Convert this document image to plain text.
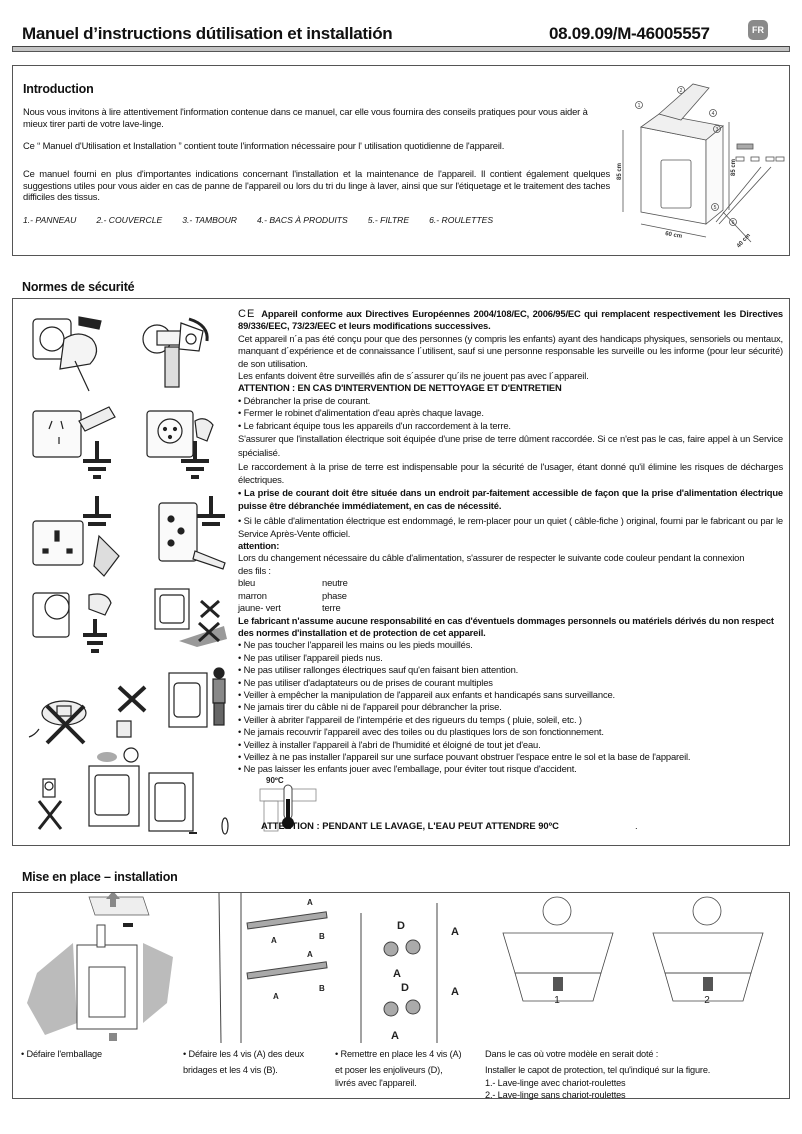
Manuel d’instructions dútilisation et installatión	08.09.09/M-46005557	FR
Introduction
Nous vous invitons à lire attentivement l'information contenue dans ce manuel, car elle vous fournira des conseils pratiques pour vous aider à mieux tirer parti de votre lave-linge.
Ce “ Manuel d'Utilisation et Installation ” contient toute l'information nécessaire pour l' utilisation quotidienne de l'appareil.
Ce manuel fourni en plus d'importantes indications concernant l'installation et la maintenance de l'appareil. Il contient également quelques suggestions utiles pour vous aider en cas de panne de l'appareil ou lors du tri du linge à laver, ainsi que sur l'étiquetage et le traitement des taches difficiles des tissus.
1.- PANNEAU 2.- COUVERCLE 3.- TAMBOUR 4.- BACS À PRODUITS 5.- FILTRE 6.- ROULETTES
1
2
3
4
5
6
85 cm	85 cm
60 cm	40 cm
Normes de sécurité
CE Appareil conforme aux Directives Européennes 2004/108/EC, 2006/95/EC qui remplacent respectivement les Directives 89/336/EEC, 73/23/EEC et leurs modifications successives.
Cet appareil n´a pas été conçu pour que des personnes (y compris les enfants) ayant des handicaps physiques, sensoriels ou mentaux, manquant d´expérience et de connaissance l´utilisent, sauf si une personne responsable les surveille ou les informe (pour leur sécurité) de son utilisation.
Les enfants doivent être surveillés afin de s´assurer qu´ils ne jouent pas avec l´appareil.
ATTENTION : EN CAS D'INTERVENTION DE NETTOYAGE ET D'ENTRETIEN
• Débrancher la prise de courant.
• Fermer le robinet d'alimentation d'eau après chaque lavage.
• Le fabricant équipe tous les appareils d'un raccordement à la terre.
S'assurer que l'installation électrique soit équipée d'une prise de terre dûment raccordée. Si ce n'est pas le cas, faire appel à un Service spécialisé.
Le raccordement à la prise de terre est indispensable pour la sécurité de l'usager, étant donné qu'il élimine les risques de décharges électriques.
• La prise de courant doit être située dans un endroit par-faitement accessible de façon que la prise d'alimentation électrique puisse être débranchée immédiatement, en cas de nécessité.
• Si le câble d'alimentation électrique est endommagé, le rem-placer pour un quiet ( câble-fiche ) original, fourni par le fabricant ou par le Service Après-Vente officiel.
attention:
Lors du changement nécessaire du câble d'alimentation, s'assurer de respecter le suivante code couleur pendant la connexion des fils :
bleu	neutre
marron	phase
jaune- vert	terre
Le fabricant n'assume aucune responsabilité en cas d'éventuels dommages personnels ou matériels dérivés du non respect des normes d'installation et de protection de cet appareil.
• Ne pas toucher l'appareil les mains ou les pieds mouillés.
• Ne pas utiliser l'appareil pieds nus.
• Ne pas utiliser rallonges électriques sauf qu'en faisant bien attention.
• Ne pas utiliser d'adaptateurs ou de prises de courant multiples
• Veiller à empêcher la manipulation de l'appareil aux enfants et handicapés sans surveillance.
• Ne jamais tirer du câble ni de l'appareil pour débrancher la prise.
• Veiller à abriter l'appareil de l'intempérie et des rigueurs du temps ( pluie, soleil, etc. )
• Ne jamais recouvrir l'appareil avec des toiles ou du plastiques lors de son fonctionnement.
• Veillez à installer l'appareil à l'abri de l'humidité et éloigné de tout jet d'eau.
• Veillez à ne pas installer l'appareil sur une surface pouvant obstruer l'espace entre le sol et la base de l'appareil.
• Ne pas laisser les enfants jouer avec l'emballage, pour éviter tout risque d'accident.
90ºC
ATTENTION : PENDANT LE LAVAGE, L'EAU PEUT ATTENDRE 90ºC	.
Mise en place – installation
A
B
A
A
B
A
D	A
A
D	A
A
1	2
• Défaire l'emballage	• Défaire les 4 vis (A) des deux
bridages et les 4 vis (B).
• Remettre en place les 4 vis (A)
et poser les enjoliveurs (D),
livrés avec l'appareil.
Dans le cas où votre modèle en serait doté :
Installer le capot de protection, tel qu'indiqué sur la figure.
1.- Lave-linge avec chariot-roulettes
2.- Lave-linge sans chariot-roulettes
